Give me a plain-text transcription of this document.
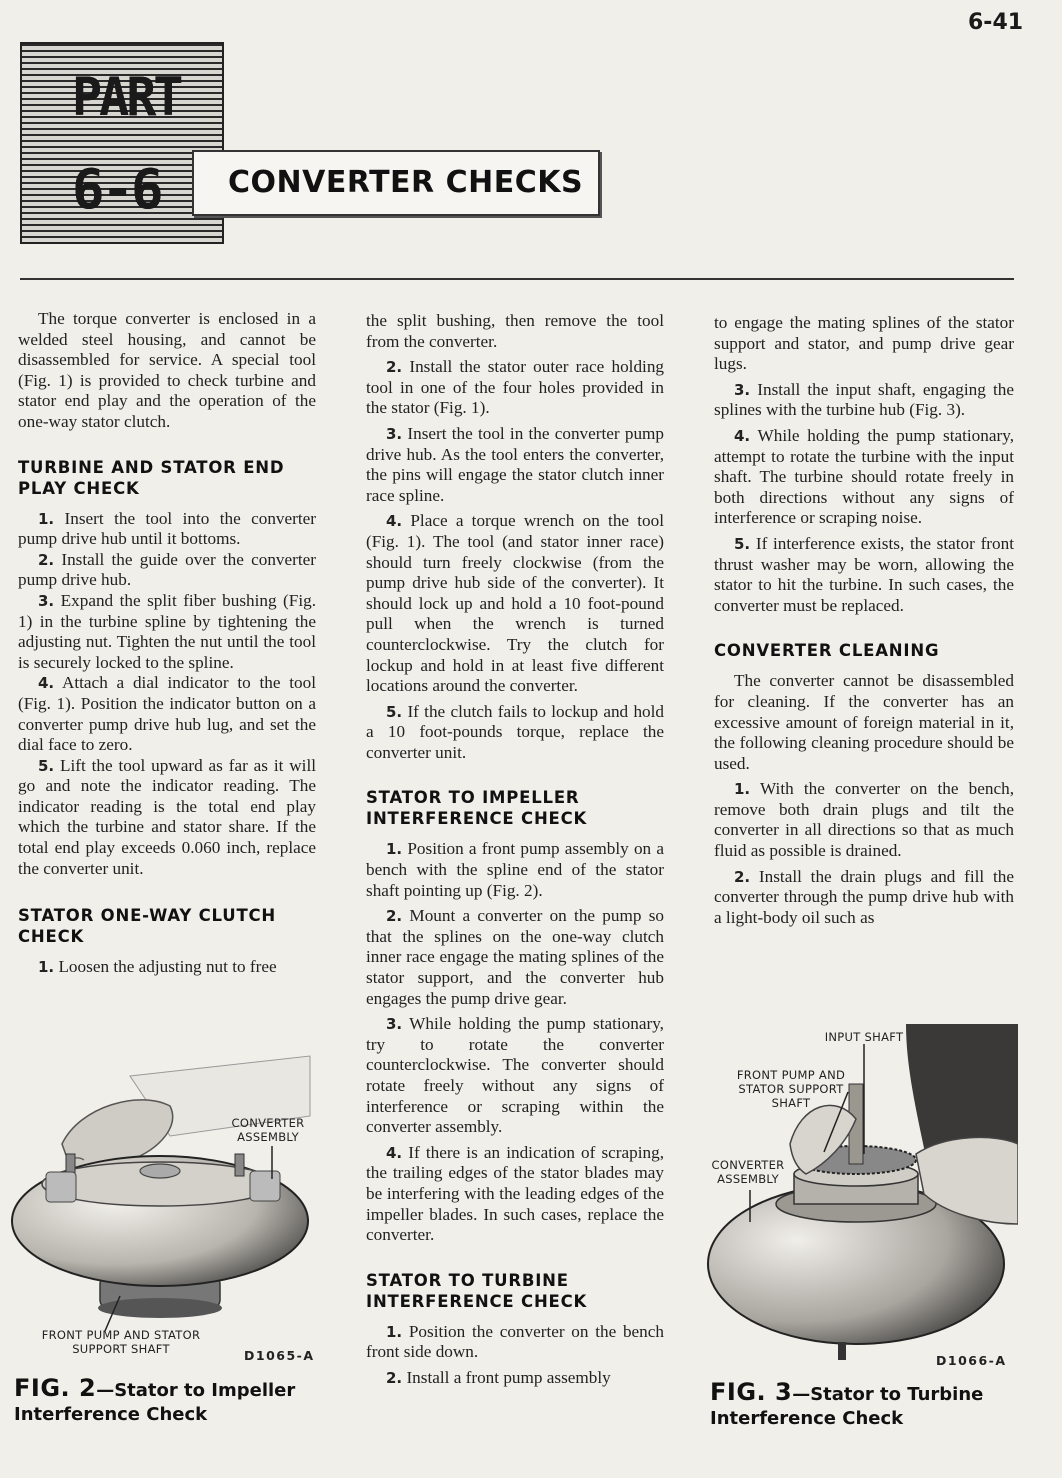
6-41
PART
6-6 CONVERTER CHECKS

The torque converter is enclosed in a welded steel housing, and cannot be disassembled for service. A special tool (Fig. 1) is provided to check turbine and stator end play and the operation of the one-way stator clutch.

TURBINE AND STATOR END PLAY CHECK

1. Insert the tool into the converter pump drive hub until it bottoms.

2. Install the guide over the converter pump drive hub.

3. Expand the split fiber bushing (Fig. 1) in the turbine spline by tightening the adjusting nut. Tighten the nut until the tool is securely locked to the spline.

4. Attach a dial indicator to the tool (Fig. 1). Position the indicator button on a converter pump drive hub lug, and set the dial face to zero.

5. Lift the tool upward as far as it will go and note the indicator reading. The indicator reading is the total end play which the turbine and stator share. If the total end play exceeds 0.060 inch, replace the converter unit.

STATOR ONE-WAY CLUTCH CHECK

1. Loosen the adjusting nut to free

the split bushing, then remove the tool from the converter.

2. Install the stator outer race holding tool in one of the four holes provided in the stator (Fig. 1).

3. Insert the tool in the converter pump drive hub. As the tool enters the converter, the pins will engage the stator clutch inner race spline.

4. Place a torque wrench on the tool (Fig. 1). The tool (and stator inner race) should turn freely clockwise (from the pump drive hub side of the converter). It should lock up and hold a 10 foot-pound pull when the wrench is turned counterclockwise. Try the clutch for lockup and hold in at least five different locations around the converter.

5. If the clutch fails to lockup and hold a 10 foot-pounds torque, replace the converter unit.

STATOR TO IMPELLER INTERFERENCE CHECK

1. Position a front pump assembly on a bench with the spline end of the stator shaft pointing up (Fig. 2).

2. Mount a converter on the pump so that the splines on the one-way clutch inner race engage the mating splines of the stator support, and the converter hub engages the pump drive gear.

3. While holding the pump stationary, try to rotate the converter counterclockwise. The converter should rotate freely without any signs of interference or scraping within the converter assembly.

4. If there is an indication of scraping, the trailing edges of the stator blades may be interfering with the leading edges of the impeller blades. In such cases, replace the converter.

STATOR TO TURBINE INTERFERENCE CHECK

1. Position the converter on the bench front side down.

2. Install a front pump assembly

to engage the mating splines of the stator support and stator, and pump drive gear lugs.

3. Install the input shaft, engaging the splines with the turbine hub (Fig. 3).

4. While holding the pump stationary, attempt to rotate the turbine with the input shaft. The turbine should rotate freely in both directions without any signs of interference or scraping noise.

5. If interference exists, the stator front thrust washer may be worn, allowing the stator to hit the turbine. In such cases, the converter must be replaced.

CONVERTER CLEANING

The converter cannot be disassembled for cleaning. If the converter has an excessive amount of foreign material in it, the following cleaning procedure should be used.

1. With the converter on the bench, remove both drain plugs and tilt the converter in all directions so that as much fluid as possible is drained.

2. Install the drain plugs and fill the converter through the pump drive hub with a light-body oil such as

CONVERTER ASSEMBLY
FRONT PUMP AND STATOR SUPPORT SHAFT	D1065-A
FIG. 2—Stator to Impeller Interference Check
INPUT SHAFT
FRONT PUMP AND STATOR SUPPORT SHAFT
CONVERTER ASSEMBLY
D1066-A
FIG. 3—Stator to Turbine Interference Check
